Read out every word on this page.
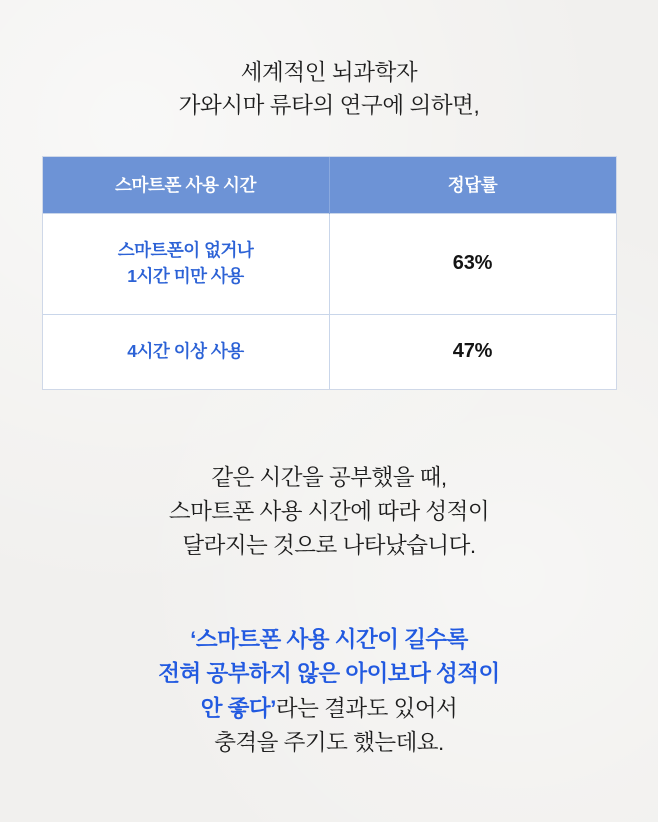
세계적인 뇌과학자
가와시마 류타의 연구에 의하면,
스마트폰 사용 시간	정답률

스마트폰이 없거나
1시간 미만 사용	63%

4시간 이상 사용	47%
같은 시간을 공부했을 때,
스마트폰 사용 시간에 따라 성적이
달라지는 것으로 나타났습니다.
‘스마트폰 사용 시간이 길수록
전혀 공부하지 않은 아이보다 성적이
안 좋다’라는 결과도 있어서
충격을 주기도 했는데요.
